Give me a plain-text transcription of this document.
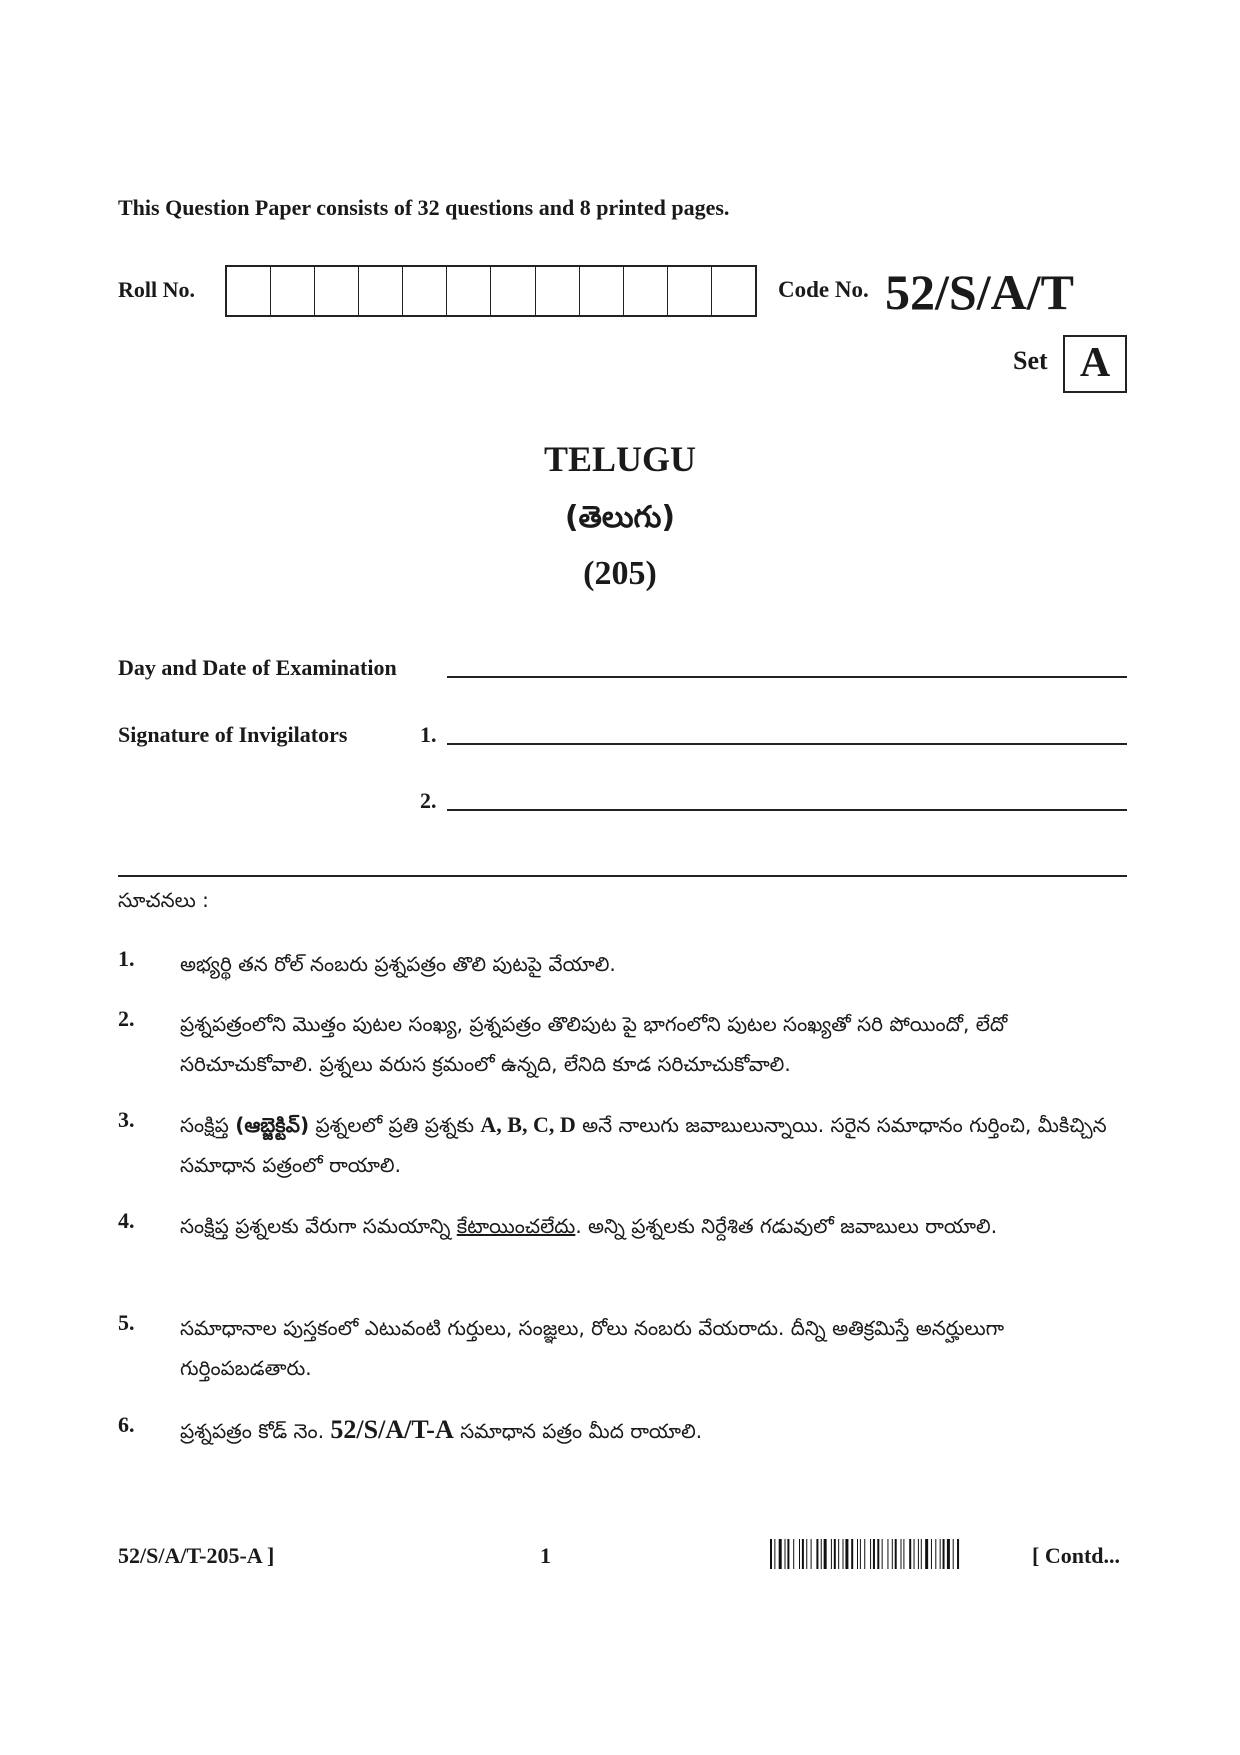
This Question Paper consists of 32 questions and 8 printed pages.
Roll No.	Code No. 52/S/A/T
Set A
TELUGU
(తెలుగు)
(205)
Day and Date of Examination
Signature of Invigilators	1.
2.
సూచనలు :
1. అభ్యర్థి తన రోల్ నంబరు ప్రశ్నపత్రం తొలి పుటపై వేయాలి.
2. ప్రశ్నపత్రంలోని మొత్తం పుటల సంఖ్య, ప్రశ్నపత్రం తొలిపుట పై భాగంలోని పుటల సంఖ్యతో సరి పోయిందో, లేదో సరిచూచుకోవాలి. ప్రశ్నలు వరుస క్రమంలో ఉన్నది, లేనిది కూడ సరిచూచుకోవాలి.
3. సంక్షిప్త (ఆబ్జెక్టివ్) ప్రశ్నలలో ప్రతి ప్రశ్నకు A, B, C, D అనే నాలుగు జవాబులున్నాయి. సరైన సమాధానం గుర్తించి, మీకిచ్చిన సమాధాన పత్రంలో రాయాలి.
4. సంక్షిప్త ప్రశ్నలకు వేరుగా సమయాన్ని కేటాయించలేదు. అన్ని ప్రశ్నలకు నిర్దేశిత గడువులో జవాబులు రాయాలి.
5. సమాధానాల పుస్తకంలో ఎటువంటి గుర్తులు, సంజ్ఞలు, రోలు నంబరు వేయరాదు. దీన్ని అతిక్రమిస్తే అనర్హులుగా గుర్తింపబడతారు.
6. ప్రశ్నపత్రం కోడ్ నెం. 52/S/A/T-A సమాధాన పత్రం మీద రాయాలి.
52/S/A/T-205-A ]	1	[ Contd...
